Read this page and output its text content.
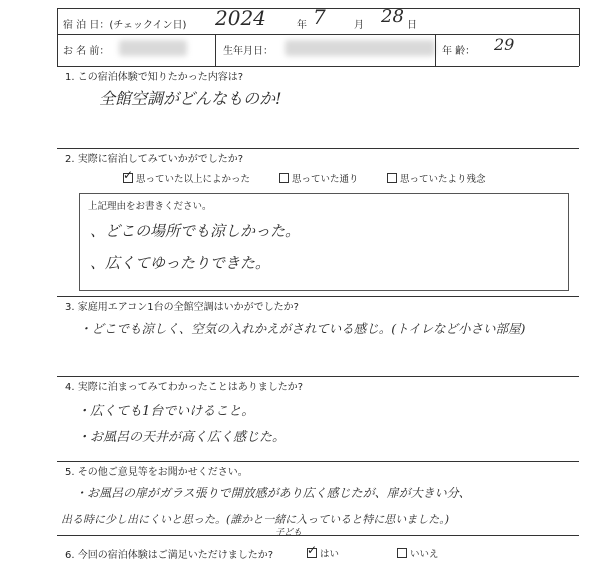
宿 泊 日：(チェックイン日) 2024	年 7	月 28 日
お 名 前：	生年月日：	年 齢： 29
1. この宿泊体験で知りたかった内容は?
全館空調がどんなものか!
2. 実際に宿泊してみていかがでしたか?
✓ 思っていた以上によかった	思っていた通り	思っていたより残念
上記理由をお書きください。
、どこの場所でも涼しかった。
、広くてゆったりできた。
3. 家庭用エアコン1台の全館空調はいかがでしたか?
・どこでも涼しく、空気の入れかえがされている感じ。(トイレなど小さい部屋)
4. 実際に泊まってみてわかったことはありましたか?
・広くても1台でいけること。
・お風呂の天井が高く広く感じた。
5. その他ご意見等をお聞かせください。
・お風呂の扉がガラス張りで開放感があり広く感じたが、扉が大きい分、
出る時に少し出にくいと思った。(誰かと一緒に入っていると特に思いました。)
子ども
6. 今回の宿泊体験はご満足いただけましたか?	✓ はい	いいえ
